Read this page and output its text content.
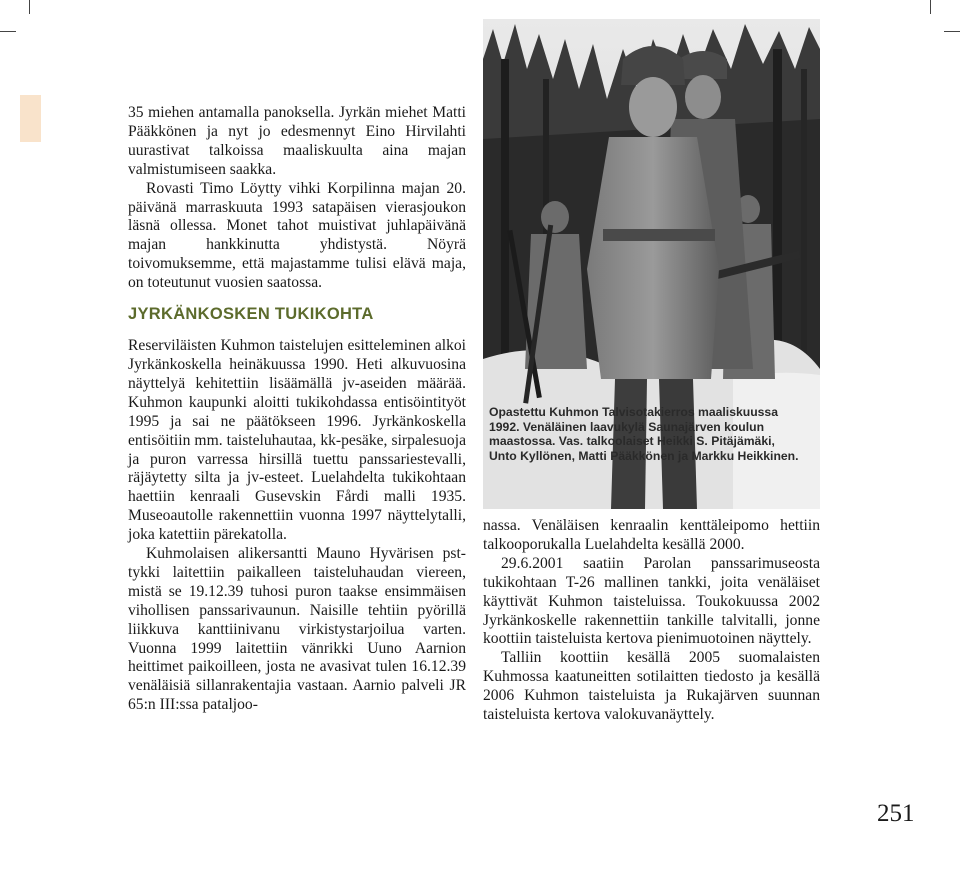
35 miehen antamalla panoksella. Jyrkän miehet Matti Pääkkönen ja nyt jo edesmennyt Eino Hirvilahti uurastivat talkoissa maaliskuulta aina majan valmistumiseen saakka.

Rovasti Timo Löytty vihki Korpilinna majan 20. päivänä marraskuuta 1993 satapäisen vierasjoukon läsnä ollessa. Monet tahot muistivat juhlapäivänä majan hankkinutta yhdistystä. Nöyrä toivomuksemme, että majastamme tulisi elävä maja, on toteutunut vuosien saatossa.

JYRKÄNKOSKEN TUKIKOHTA

Reserviläisten Kuhmon taistelujen esitteleminen alkoi Jyrkänkoskella heinäkuussa 1990. Heti alkuvuosina näyttelyä kehitettiin lisäämällä jv-aseiden määrää. Kuhmon kaupunki aloitti tukikohdassa entisöintityöt 1995 ja sai ne päätökseen 1996. Jyrkänkoskella entisöitiin mm. taisteluhautaa, kk-pesäke, sirpalesuoja ja puron varressa hirsillä tuettu panssariestevalli, räjäytetty silta ja jv-esteet. Luelahdelta tukikohtaan haettiin kenraali Gusevskin Fårdi malli 1935. Museoautolle rakennettiin vuonna 1997 näyttelytalli, joka katettiin pärekatolla.

Kuhmolaisen alikersantti Mauno Hyvärisen pst-tykki laitettiin paikalleen taisteluhaudan viereen, mistä se 19.12.39 tuhosi puron taakse ensimmäisen vihollisen panssarivaunun. Naisille tehtiin pyörillä liikkuva kanttiinivanu virkistystarjoilua varten. Vuonna 1999 laitettiin vänrikki Uuno Aarnion heittimet paikoilleen, josta ne avasivat tulen 16.12.39 venäläisiä sillanrakentajia vastaan. Aarnio palveli JR 65:n III:ssa pataljoo-

Opastettu Kuhmon Talvisotakierros maaliskuussa 1992. Venäläinen laavukylä Saunajärven koulun maastossa. Vas. talkoolaiset Heikki S. Pitäjämäki, Unto Kyllönen, Matti Pääkkönen ja Markku Heikkinen.

nassa. Venäläisen kenraalin kenttäleipomo hettiin talkooporukalla Luelahdelta kesällä 2000.

29.6.2001 saatiin Parolan panssarimuseosta tukikohtaan T-26 mallinen tankki, joita venäläiset käyttivät Kuhmon taisteluissa. Toukokuussa 2002 Jyrkänkoskelle rakennettiin tankille talvitalli, jonne koottiin taisteluista kertova pienimuotoinen näyttely.

Talliin koottiin kesällä 2005 suomalaisten Kuhmossa kaatuneitten sotilaitten tiedosto ja kesällä 2006 Kuhmon taisteluista ja Rukajärven suunnan taisteluista kertova valokuvanäyttely.

251
